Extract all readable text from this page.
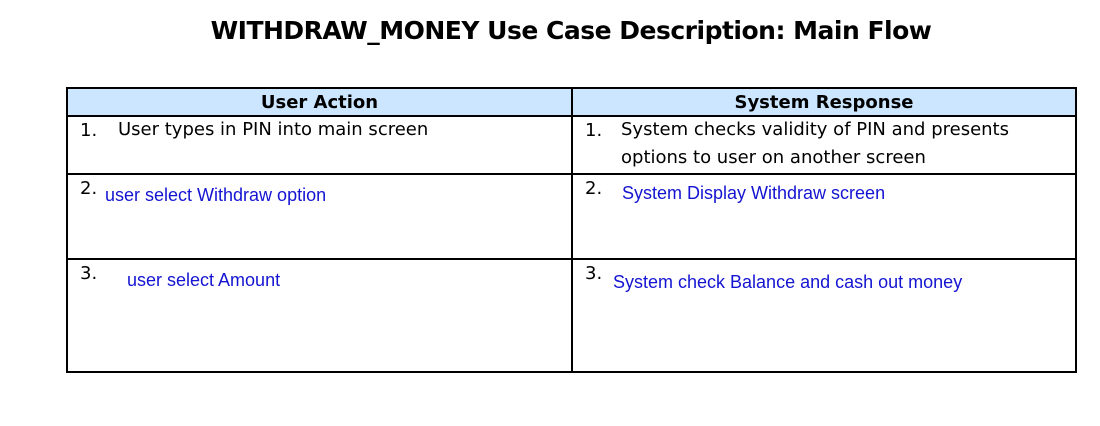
WITHDRAW_MONEY Use Case Description: Main Flow
User Action	System Response

1. User types in PIN into main screen	1. System checks validity of PIN and presents options to user on another screen

2. user select Withdraw option	2. System Display Withdraw screen

3. user select Amount	3. System check Balance and cash out money
